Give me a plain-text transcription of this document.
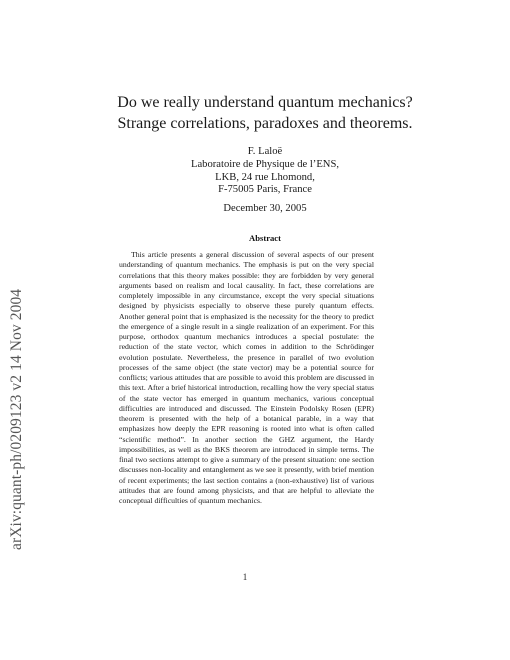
arXiv:quant-ph/0209123 v2 14 Nov 2004
Do we really understand quantum mechanics?
Strange correlations, paradoxes and theorems.
F. Laloë
Laboratoire de Physique de l’ENS,
LKB, 24 rue Lhomond,
F-75005 Paris, France
December 30, 2005
Abstract
This article presents a general discussion of several aspects of our present understanding of quantum mechanics. The emphasis is put on the very special correlations that this theory makes possible: they are forbidden by very general arguments based on realism and local causality. In fact, these correlations are completely impossible in any circumstance, except the very special situations designed by physicists especially to observe these purely quantum effects. Another general point that is emphasized is the necessity for the theory to predict the emergence of a single result in a single realization of an experiment. For this purpose, orthodox quantum mechanics introduces a special postulate: the reduction of the state vector, which comes in addition to the Schrödinger evolution postulate. Nevertheless, the presence in parallel of two evolution processes of the same object (the state vector) may be a potential source for conflicts; various attitudes that are possible to avoid this problem are discussed in this text. After a brief historical introduction, recalling how the very special status of the state vector has emerged in quantum mechanics, various conceptual difficulties are introduced and discussed. The Einstein Podolsky Rosen (EPR) theorem is presented with the help of a botanical parable, in a way that emphasizes how deeply the EPR reasoning is rooted into what is often called “scientific method”. In another section the GHZ argument, the Hardy impossibilities, as well as the BKS theorem are introduced in simple terms. The final two sections attempt to give a summary of the present situation: one section discusses non-locality and entanglement as we see it presently, with brief mention of recent experiments; the last section contains a (non-exhaustive) list of various attitudes that are found among physicists, and that are helpful to alleviate the conceptual difficulties of quantum mechanics.
1
